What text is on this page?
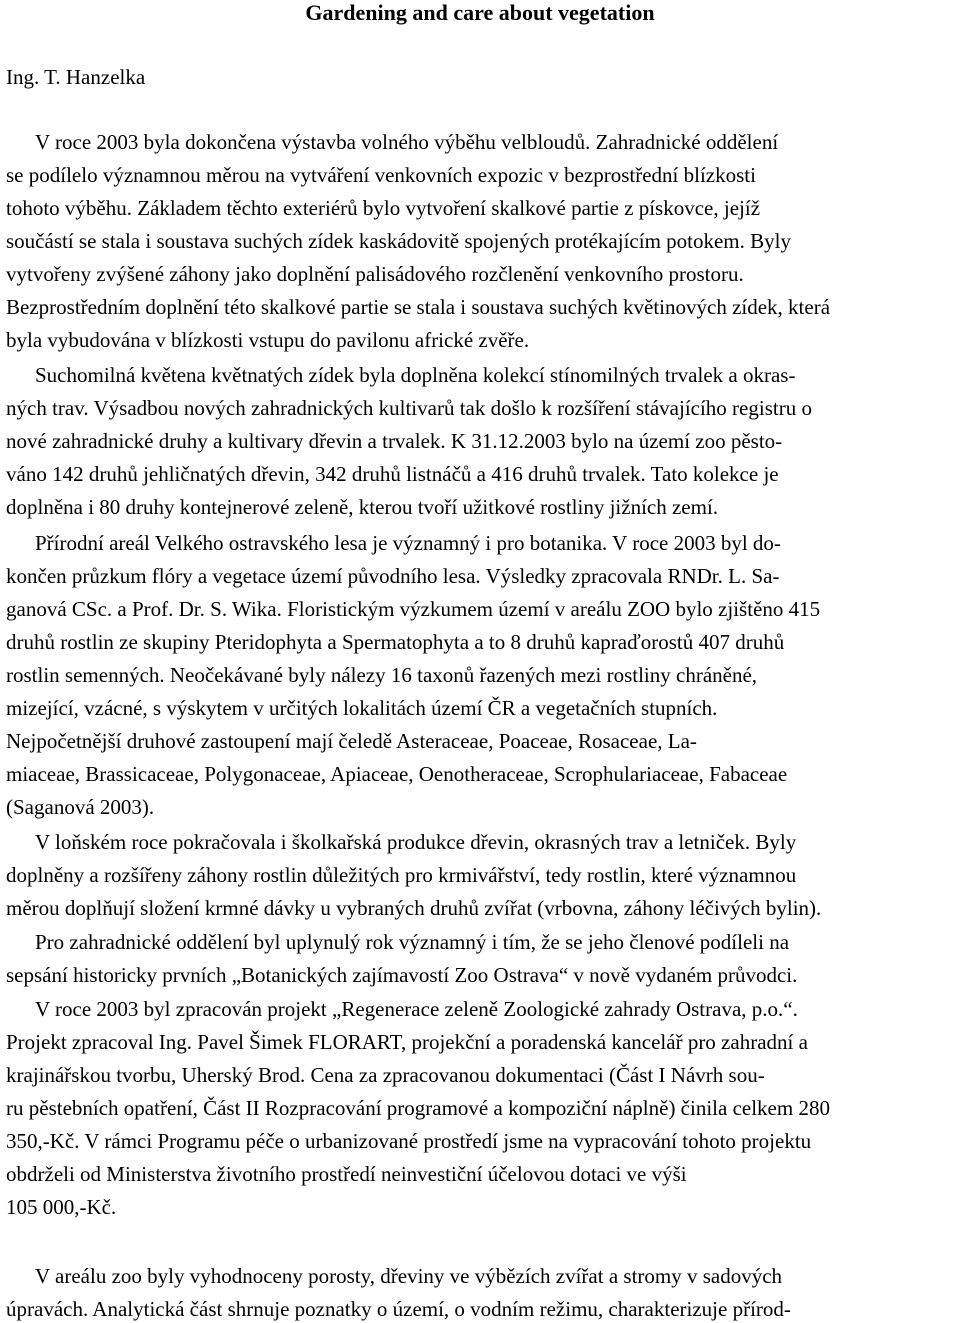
Gardening and care about vegetation

Ing. T. Hanzelka

V roce 2003 byla dokončena výstavba volného výběhu velbloudů. Zahradnické oddělení

se podílelo významnou měrou na vytváření venkovních expozic v bezprostřední blízkosti

tohoto výběhu. Základem těchto exteriérů bylo vytvoření skalkové partie z pískovce, jejíž

součástí se stala i soustava suchých zídek kaskádovitě spojených protékajícím potokem. Byly

vytvořeny zvýšené záhony jako doplnění palisádového rozčlenění venkovního prostoru.

Bezprostředním doplnění této skalkové partie se stala i soustava suchých květinových zídek, která

byla vybudována v blízkosti vstupu do pavilonu africké zvěře.

Suchomilná květena květnatých zídek byla doplněna kolekcí stínomilných trvalek a okras-

ných trav. Výsadbou nových zahradnických kultivarů tak došlo k rozšíření stávajícího registru o

nové zahradnické druhy a kultivary dřevin a trvalek. K 31.12.2003 bylo na území zoo pěsto-

váno 142 druhů jehličnatých dřevin, 342 druhů listnáčů a 416 druhů trvalek. Tato kolekce je

doplněna i 80 druhy kontejnerové zeleně, kterou tvoří užitkové rostliny jižních zemí.

Přírodní areál Velkého ostravského lesa je významný i pro botanika. V roce 2003 byl do-

končen průzkum flóry a vegetace území původního lesa. Výsledky zpracovala RNDr. L. Sa-

ganová CSc. a Prof. Dr. S. Wika. Floristickým výzkumem území v areálu ZOO bylo zjištěno 415

druhů rostlin ze skupiny Pteridophyta a Spermatophyta a to 8 druhů kapraďorostů 407 druhů

rostlin semenných. Neočekávané byly nálezy 16 taxonů řazených mezi rostliny chráněné,

mizející, vzácné, s výskytem v určitých lokalitách území ČR a vegetačních stupních.

Nejpočetnější druhové zastoupení mají čeledě Asteraceae, Poaceae, Rosaceae, La-

miaceae, Brassicaceae, Polygonaceae, Apiaceae, Oenotheraceae, Scrophulariaceae, Fabaceae

(Saganová 2003).

V loňském roce pokračovala i školkařská produkce dřevin, okrasných trav a letniček. Byly

doplněny a rozšířeny záhony rostlin důležitých pro krmivářství, tedy rostlin, které významnou

měrou doplňují složení krmné dávky u vybraných druhů zvířat (vrbovna, záhony léčivých bylin).

Pro zahradnické oddělení byl uplynulý rok významný i tím, že se jeho členové podíleli na

sepsání historicky prvních „Botanických zajímavostí Zoo Ostrava“ v nově vydaném průvodci.

V roce 2003 byl zpracován projekt „Regenerace zeleně Zoologické zahrady Ostrava, p.o.“.

Projekt zpracoval Ing. Pavel Šimek FLORART, projekční a poradenská kancelář pro zahradní a

krajinářskou tvorbu, Uherský Brod. Cena za zpracovanou dokumentaci (Část I Návrh sou-

ru pěstebních opatření, Část II Rozpracování programové a kompoziční náplně) činila celkem 280

350,-Kč. V rámci Programu péče o urbanizované prostředí jsme na vypracování tohoto projektu

obdrželi od Ministerstva životního prostředí neinvestiční účelovou dotaci ve výši

105 000,-Kč.

V areálu zoo byly vyhodnoceny porosty, dřeviny ve výbězích zvířat a stromy v sadových

úpravách. Analytická část shrnuje poznatky o území, o vodním režimu, charakterizuje přírod-
